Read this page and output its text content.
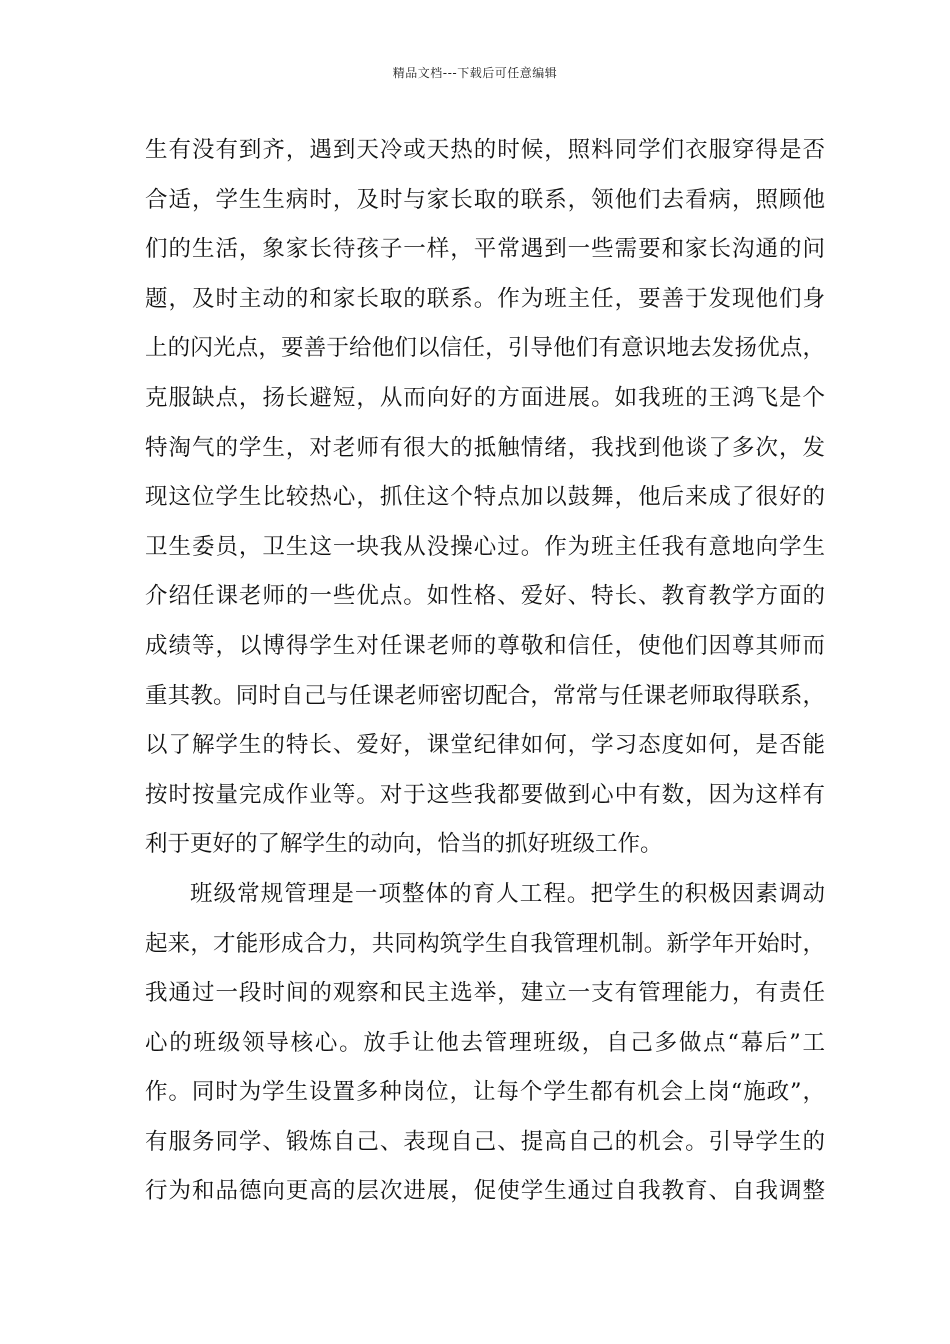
精品文档---下载后可任意编辑
生有没有到齐，遇到天冷或天热的时候，照料同学们衣服穿得是否
合适，学生生病时，及时与家长取的联系，领他们去看病，照顾他
们的生活，象家长待孩子一样，平常遇到一些需要和家长沟通的问
题，及时主动的和家长取的联系。作为班主任，要善于发现他们身
上的闪光点，要善于给他们以信任，引导他们有意识地去发扬优点，
克服缺点，扬长避短，从而向好的方面进展。如我班的王鸿飞是个
特淘气的学生，对老师有很大的抵触情绪，我找到他谈了多次，发
现这位学生比较热心，抓住这个特点加以鼓舞，他后来成了很好的
卫生委员，卫生这一块我从没操心过。作为班主任我有意地向学生
介绍任课老师的一些优点。如性格、爱好、特长、教育教学方面的
成绩等，以博得学生对任课老师的尊敬和信任，使他们因尊其师而
重其教。同时自己与任课老师密切配合，常常与任课老师取得联系，
以了解学生的特长、爱好，课堂纪律如何，学习态度如何，是否能
按时按量完成作业等。对于这些我都要做到心中有数，因为这样有
利于更好的了解学生的动向，恰当的抓好班级工作。
班级常规管理是一项整体的育人工程。把学生的积极因素调动
起来，才能形成合力，共同构筑学生自我管理机制。新学年开始时，
我通过一段时间的观察和民主选举，建立一支有管理能力，有责任
心的班级领导核心。放手让他去管理班级，自己多做点“幕后”工
作。同时为学生设置多种岗位，让每个学生都有机会上岗“施政”，
有服务同学、锻炼自己、表现自己、提高自己的机会。引导学生的
行为和品德向更高的层次进展，促使学生通过自我教育、自我调整
